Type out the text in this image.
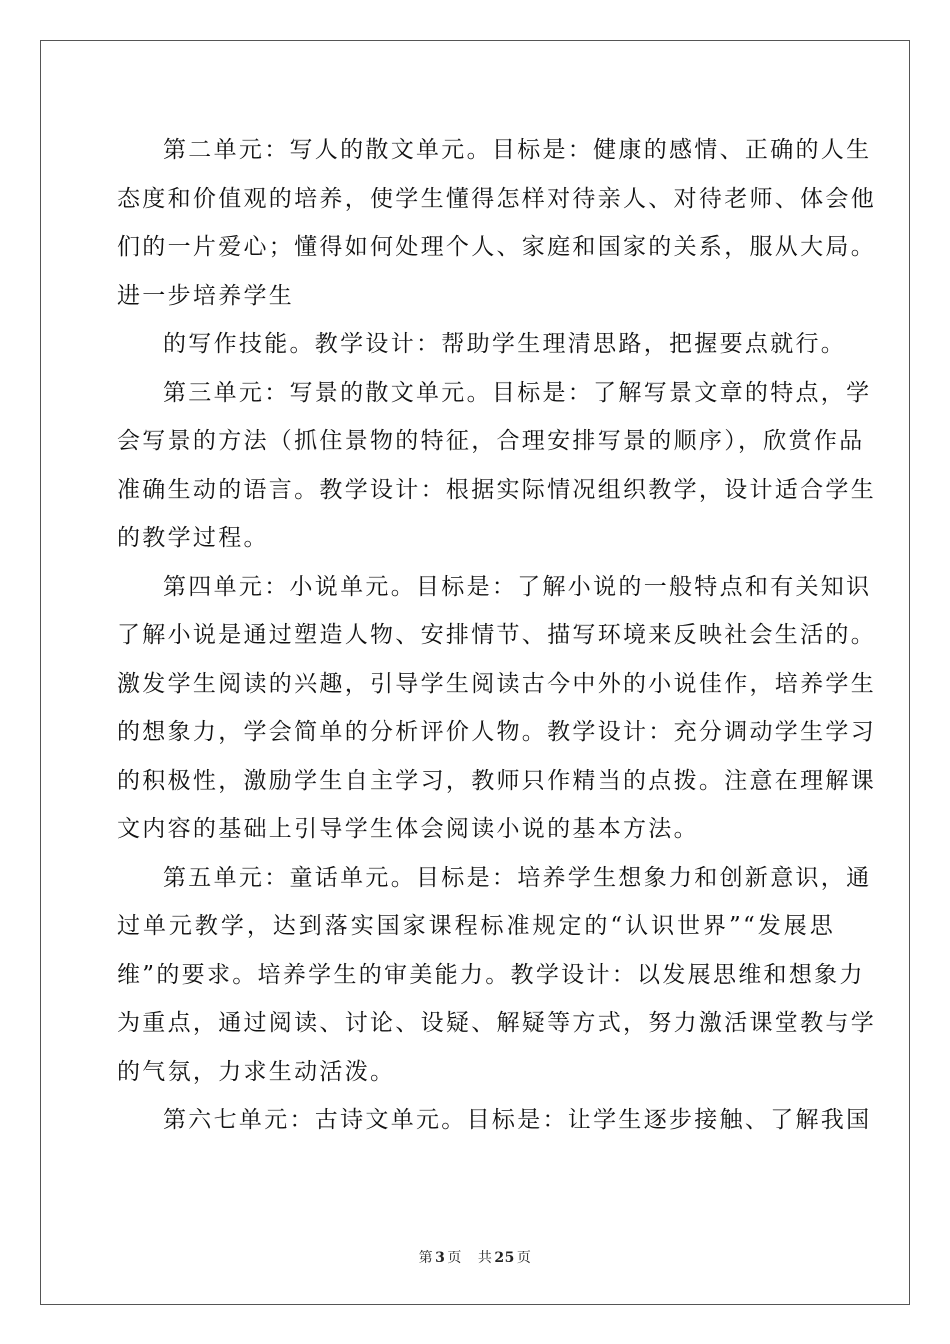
第二单元：写人的散文单元。目标是：健康的感情、正确的人生
态度和价值观的培养，使学生懂得怎样对待亲人、对待老师、体会他
们的一片爱心；懂得如何处理个人、家庭和国家的关系，服从大局。
进一步培养学生
的写作技能。教学设计：帮助学生理清思路，把握要点就行。
第三单元：写景的散文单元。目标是：了解写景文章的特点，学
会写景的方法（抓住景物的特征，合理安排写景的顺序），欣赏作品
准确生动的语言。教学设计：根据实际情况组织教学，设计适合学生
的教学过程。
第四单元：小说单元。目标是：了解小说的一般特点和有关知识
了解小说是通过塑造人物、安排情节、描写环境来反映社会生活的。
激发学生阅读的兴趣，引导学生阅读古今中外的小说佳作，培养学生
的想象力，学会简单的分析评价人物。教学设计：充分调动学生学习
的积极性，激励学生自主学习，教师只作精当的点拨。注意在理解课
文内容的基础上引导学生体会阅读小说的基本方法。
第五单元：童话单元。目标是：培养学生想象力和创新意识，通
过单元教学，达到落实国家课程标准规定的“认识世界”“发展思
维”的要求。培养学生的审美能力。教学设计：以发展思维和想象力
为重点，通过阅读、讨论、设疑、解疑等方式，努力激活课堂教与学
的气氛，力求生动活泼。
第六七单元：古诗文单元。目标是：让学生逐步接触、了解我国
第 3 页 共 25 页
